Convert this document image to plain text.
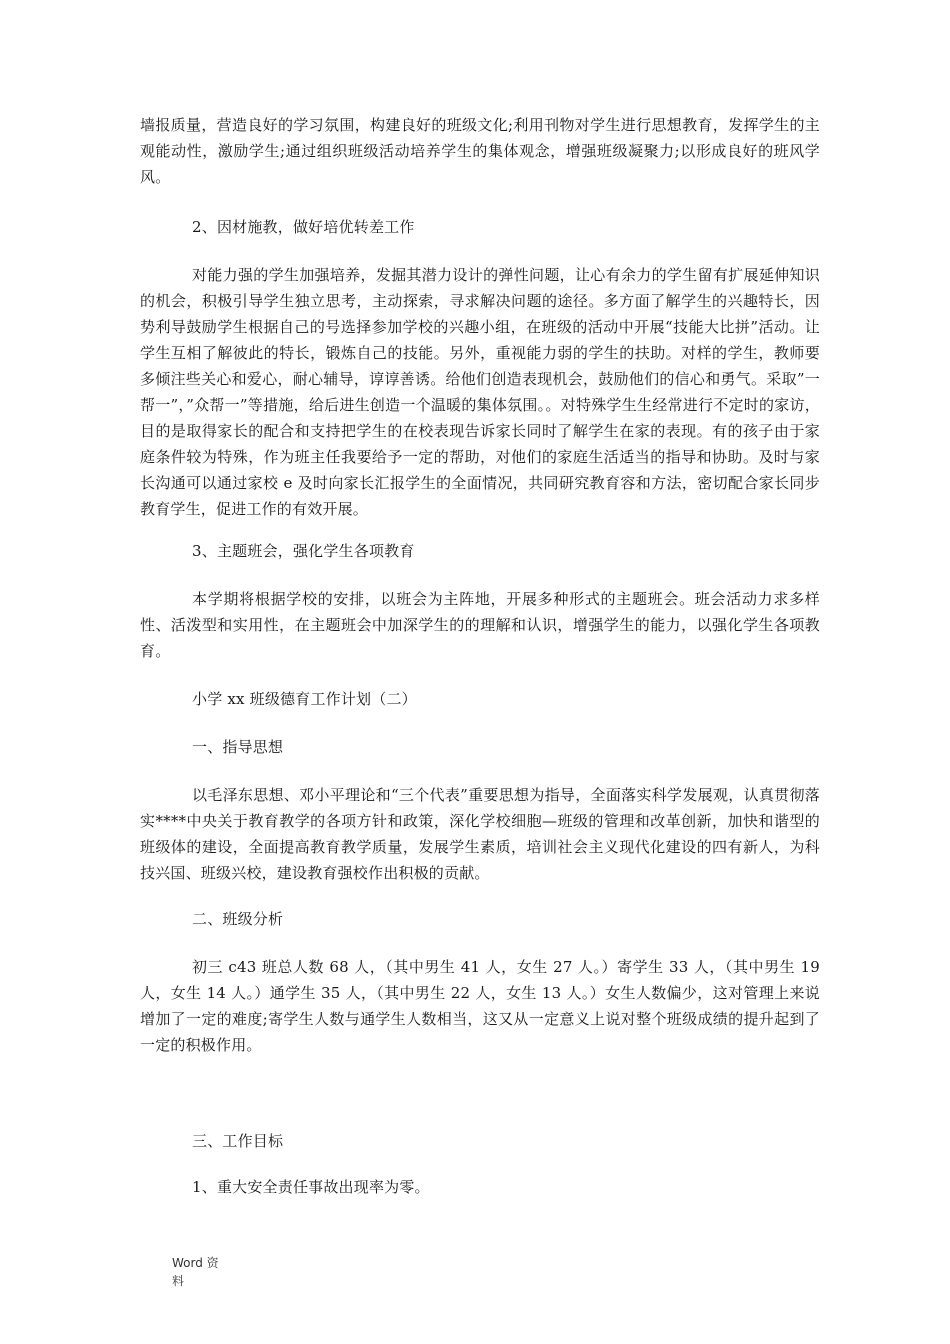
墙报质量，营造良好的学习氛围，构建良好的班级文化;利用刊物对学生进行思想教育，发挥学生的主观能动性，激励学生;通过组织班级活动培养学生的集体观念，增强班级凝聚力;以形成良好的班风学风。

2、因材施教，做好培优转差工作

对能力强的学生加强培养，发掘其潜力设计的弹性问题，让心有余力的学生留有扩展延伸知识的机会，积极引导学生独立思考，主动探索，寻求解决问题的途径。多方面了解学生的兴趣特长，因势利导鼓励学生根据自己的号选择参加学校的兴趣小组，在班级的活动中开展“技能大比拼”活动。让学生互相了解彼此的特长，锻炼自己的技能。另外，重视能力弱的学生的扶助。对样的学生，教师要多倾注些关心和爱心，耐心辅导，谆谆善诱。给他们创造表现机会，鼓励他们的信心和勇气。采取”一帮一”，”众帮一”等措施，给后进生创造一个温暖的集体氛围。。对特殊学生生经常进行不定时的家访，目的是取得家长的配合和支持把学生的在校表现告诉家长同时了解学生在家的表现。有的孩子由于家庭条件较为特殊，作为班主任我要给予一定的帮助，对他们的家庭生活适当的指导和协助。及时与家长沟通可以通过家校 e 及时向家长汇报学生的全面情况，共同研究教育容和方法，密切配合家长同步教育学生，促进工作的有效开展。

3、主题班会，强化学生各项教育

本学期将根据学校的安排，以班会为主阵地，开展多种形式的主题班会。班会活动力求多样性、活泼型和实用性，在主题班会中加深学生的的理解和认识，增强学生的能力，以强化学生各项教育。

小学 xx 班级德育工作计划（二）

一、指导思想

以毛泽东思想、邓小平理论和“三个代表”重要思想为指导，全面落实科学发展观，认真贯彻落实****中央关于教育教学的各项方针和政策，深化学校细胞—班级的管理和改革创新，加快和谐型的班级体的建设，全面提高教育教学质量，发展学生素质，培训社会主义现代化建设的四有新人，为科技兴国、班级兴校，建设教育强校作出积极的贡献。

二、班级分析

初三 c43 班总人数 68 人，（其中男生 41 人，女生 27 人。）寄学生 33 人，（其中男生 19 人，女生 14 人。）通学生 35 人，（其中男生 22 人，女生 13 人。）女生人数偏少，这对管理上来说增加了一定的难度;寄学生人数与通学生人数相当，这又从一定意义上说对整个班级成绩的提升起到了一定的积极作用。

三、工作目标

1、重大安全责任事故出现率为零。

Word 资
料
